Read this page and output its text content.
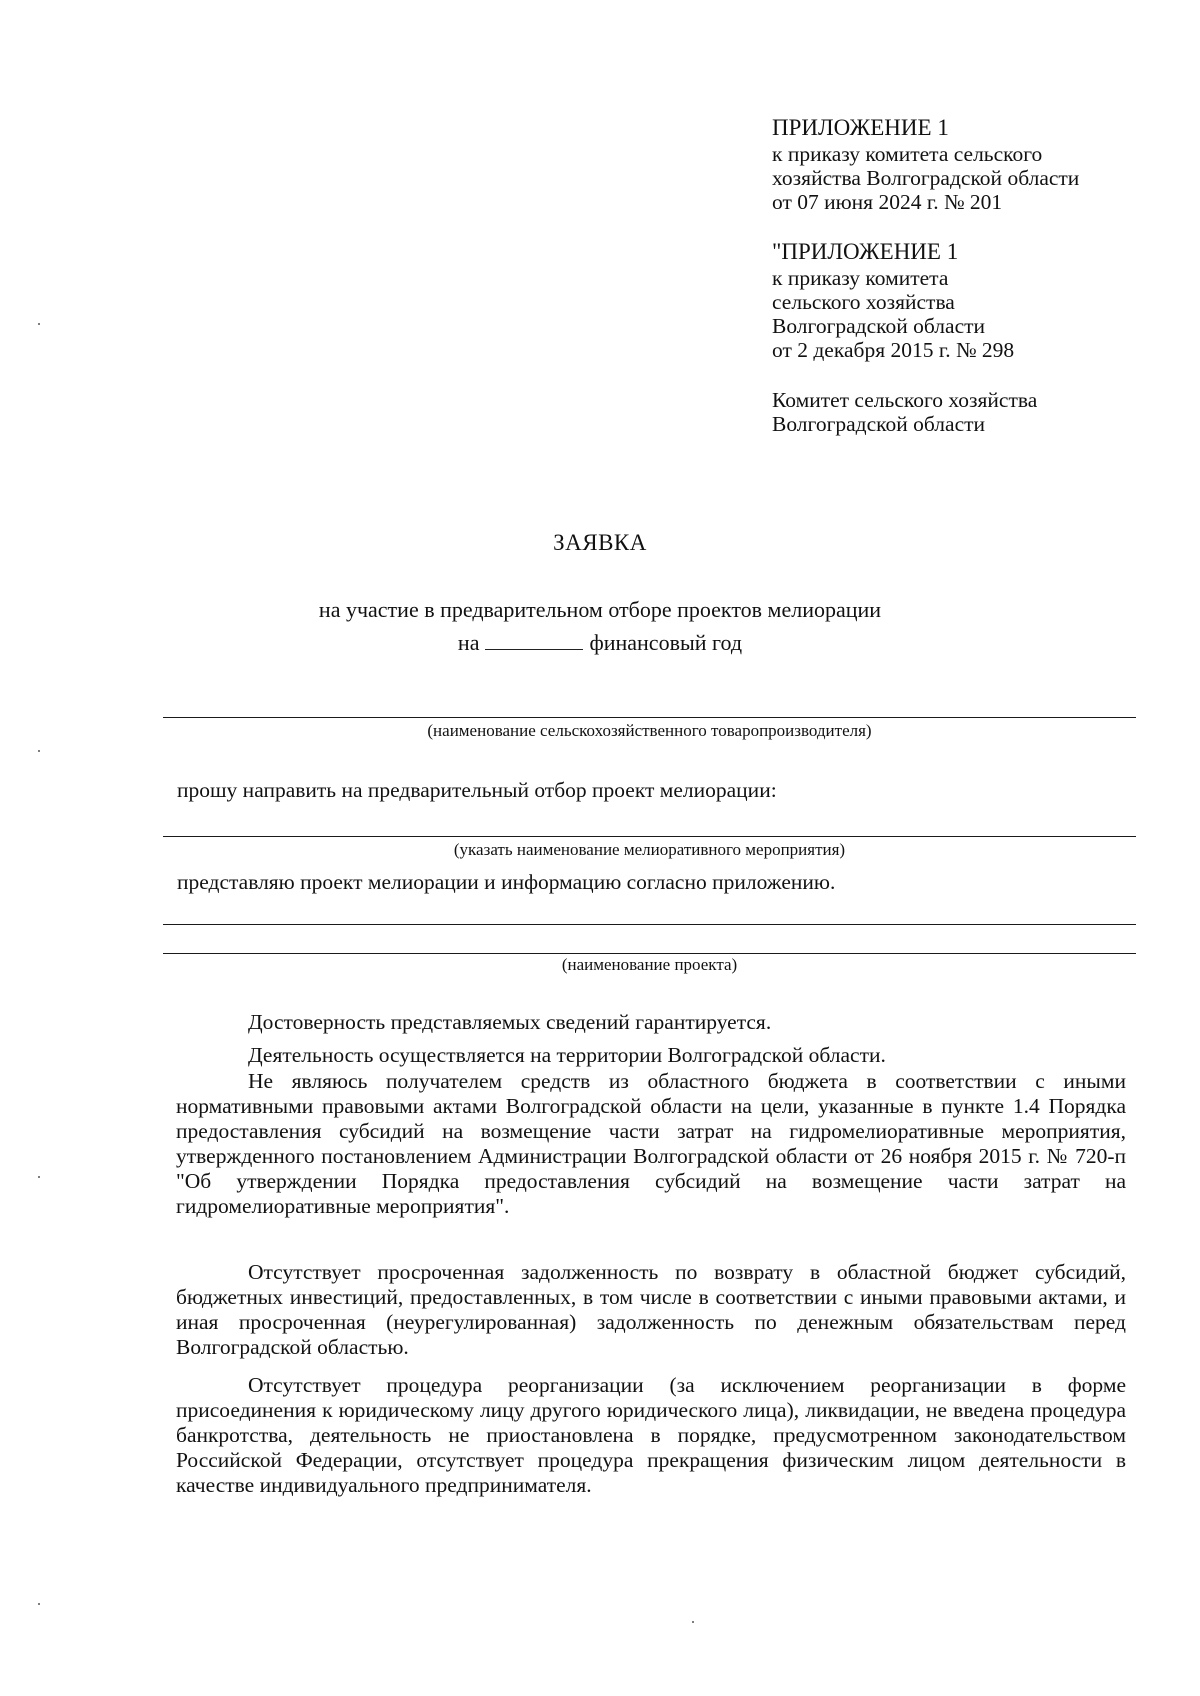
ПРИЛОЖЕНИЕ 1
к приказу комитета сельского
хозяйства Волгоградской области
от 07 июня 2024 г. № 201
"ПРИЛОЖЕНИЕ 1
к приказу комитета
сельского хозяйства
Волгоградской области
от 2 декабря 2015 г. № 298
Комитет сельского хозяйства
Волгоградской области
ЗАЯВКА
на участие в предварительном отборе проектов мелиорации
на	финансовый год
(наименование сельскохозяйственного товаропроизводителя)
прошу направить на предварительный отбор проект мелиорации:
(указать наименование мелиоративного мероприятия)
представляю проект мелиорации и информацию согласно приложению.
(наименование проекта)

Достоверность представляемых сведений гарантируется.

Деятельность осуществляется на территории Волгоградской области.

Не являюсь получателем средств из областного бюджета в соответствии с иными нормативными правовыми актами Волгоградской области на цели, указанные в пункте 1.4 Порядка предоставления субсидий на возмещение части затрат на гидромелиоративные мероприятия, утвержденного постановлением Администрации Волгоградской области от 26 ноября 2015 г. № 720-п "Об утверждении Порядка предоставления субсидий на возмещение части затрат на гидромелиоративные мероприятия".

Отсутствует просроченная задолженность по возврату в областной бюджет субсидий, бюджетных инвестиций, предоставленных, в том числе в соответствии с иными правовыми актами, и иная просроченная (неурегулированная) задолженность по денежным обязательствам перед Волгоградской областью.

Отсутствует процедура реорганизации (за исключением реорганизации в форме присоединения к юридическому лицу другого юридического лица), ликвидации, не введена процедура банкротства, деятельность не приостановлена в порядке, предусмотренном законодательством Российской Федерации, отсутствует процедура прекращения физическим лицом деятельности в качестве индивидуального предпринимателя.
